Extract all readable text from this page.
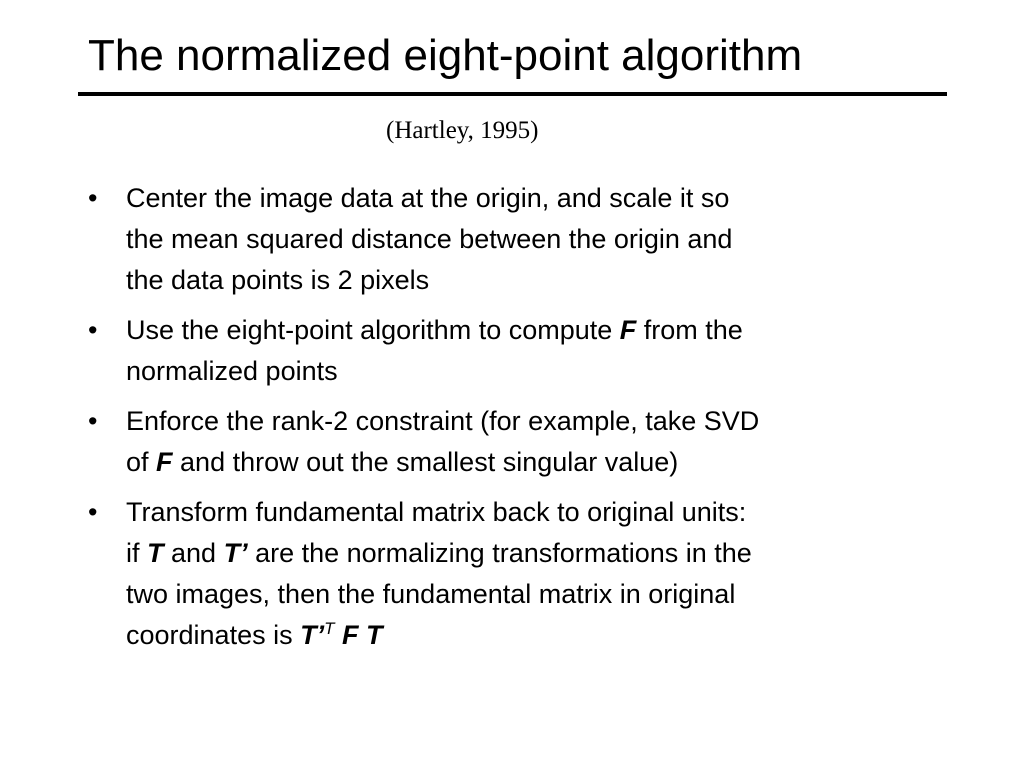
The normalized eight-point algorithm
(Hartley, 1995)
•	Center the image data at the origin, and scale it so
the mean squared distance between the origin and
the data points is 2 pixels
•	Use the eight-point algorithm to compute F from the
normalized points
•	Enforce the rank-2 constraint (for example, take SVD
of F and throw out the smallest singular value)
•	Transform fundamental matrix back to original units:
if T and T’ are the normalizing transformations in the
two images, then the fundamental matrix in original
coordinates is T’$^T$ F T
